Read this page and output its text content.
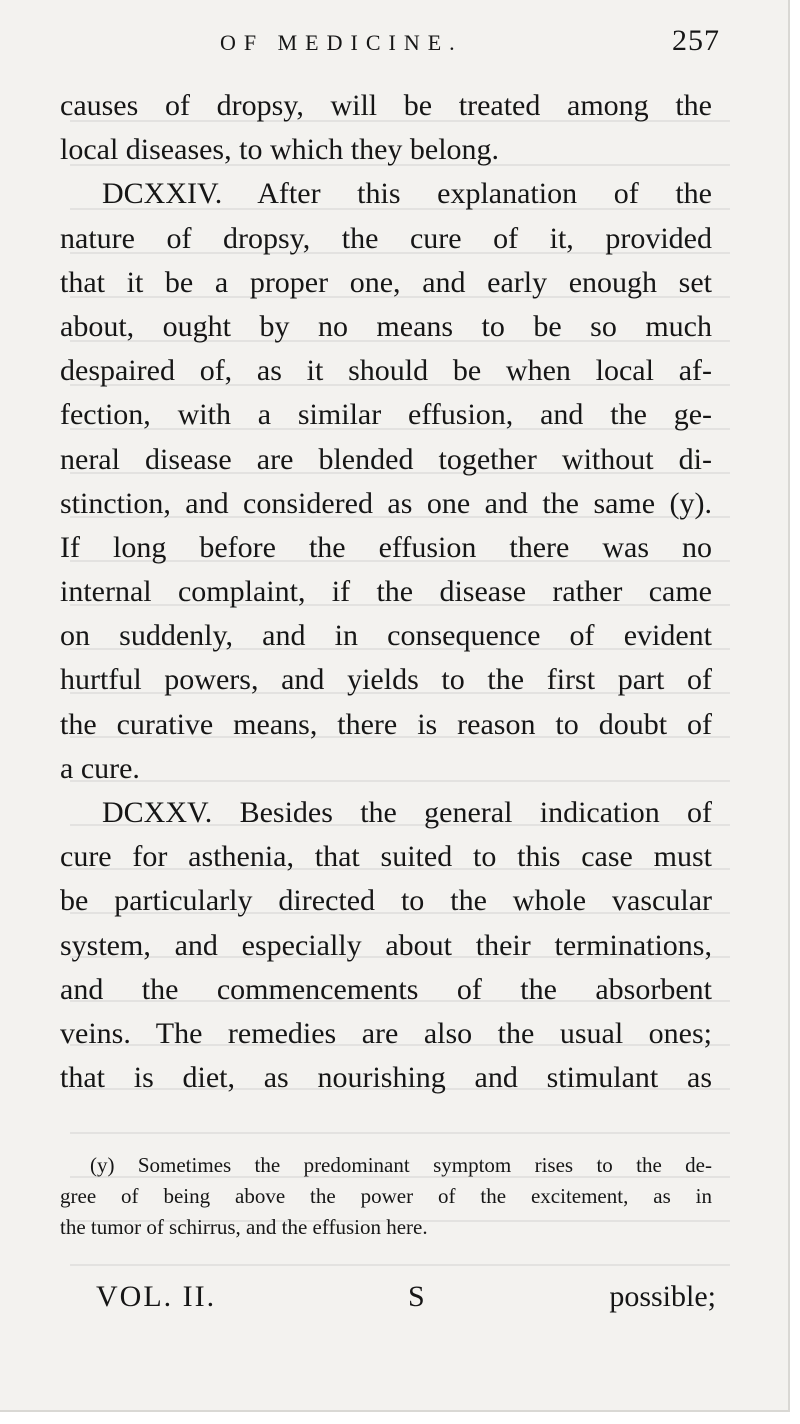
OF MEDICINE.	257
causes of dropsy, will be treated among the
local diseases, to which they belong.
DCXXIV. After this explanation of the
nature of dropsy, the cure of it, provided
that it be a proper one, and early enough set
about, ought by no means to be so much
despaired of, as it should be when local af-
fection, with a similar effusion, and the ge-
neral disease are blended together without di-
stinction, and considered as one and the same (y).
If long before the effusion there was no
internal complaint, if the disease rather came
on suddenly, and in consequence of evident
hurtful powers, and yields to the first part of
the curative means, there is reason to doubt of
a cure.
DCXXV. Besides the general indication of
cure for asthenia, that suited to this case must
be particularly directed to the whole vascular
system, and especially about their terminations,
and the commencements of the absorbent
veins. The remedies are also the usual ones;
that is diet, as nourishing and stimulant as
(y) Sometimes the predominant symptom rises to the de-
gree of being above the power of the excitement, as in
the tumor of schirrus, and the effusion here.
VOL. II.	S	possible;
